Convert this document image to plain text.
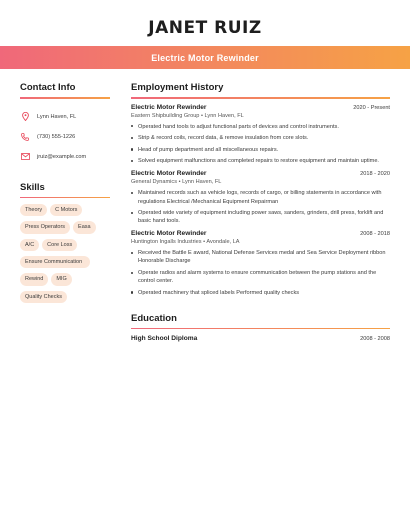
JANET RUIZ
Electric Motor Rewinder
Contact Info
Lynn Haven, FL
(730) 555-1226
jruiz@example.com
Skills
Theory	C Motors
Press Operators	Easa
A/C	Core Loss
Ensure Communication
Rewind	MIG
Quality Checks
Employment History
Electric Motor Rewinder	2020 - Present
Eastern Shipbuilding Group • Lynn Haven, FL
Operated hand tools to adjust functional parts of devices and control instruments.
Strip & record coils, record data, & remove insulation from core slots.
Head of pump department and all miscellaneous repairs.
Solved equipment malfunctions and completed repairs to restore equipment and maintain uptime.
Electric Motor Rewinder	2018 - 2020
General Dynamics • Lynn Haven, FL
Maintained records such as vehicle logs, records of cargo, or billing statements in accordance with regulations Electrical /Mechanical Equipment Repairman
Operated wide variety of equipment including power saws, sanders, grinders, drill press, forklift and basic hand tools.
Electric Motor Rewinder	2008 - 2018
Huntington Ingalls Industries • Avondale, LA
Received the Battle E award, National Defense Services medal and Sea Service Deployment ribbon Honorable Discharge
Operate radios and alarm systems to ensure communication between the pump stations and the control center.
Operated machinery that spliced labels Performed quality checks
Education
High School Diploma	2008 - 2008
